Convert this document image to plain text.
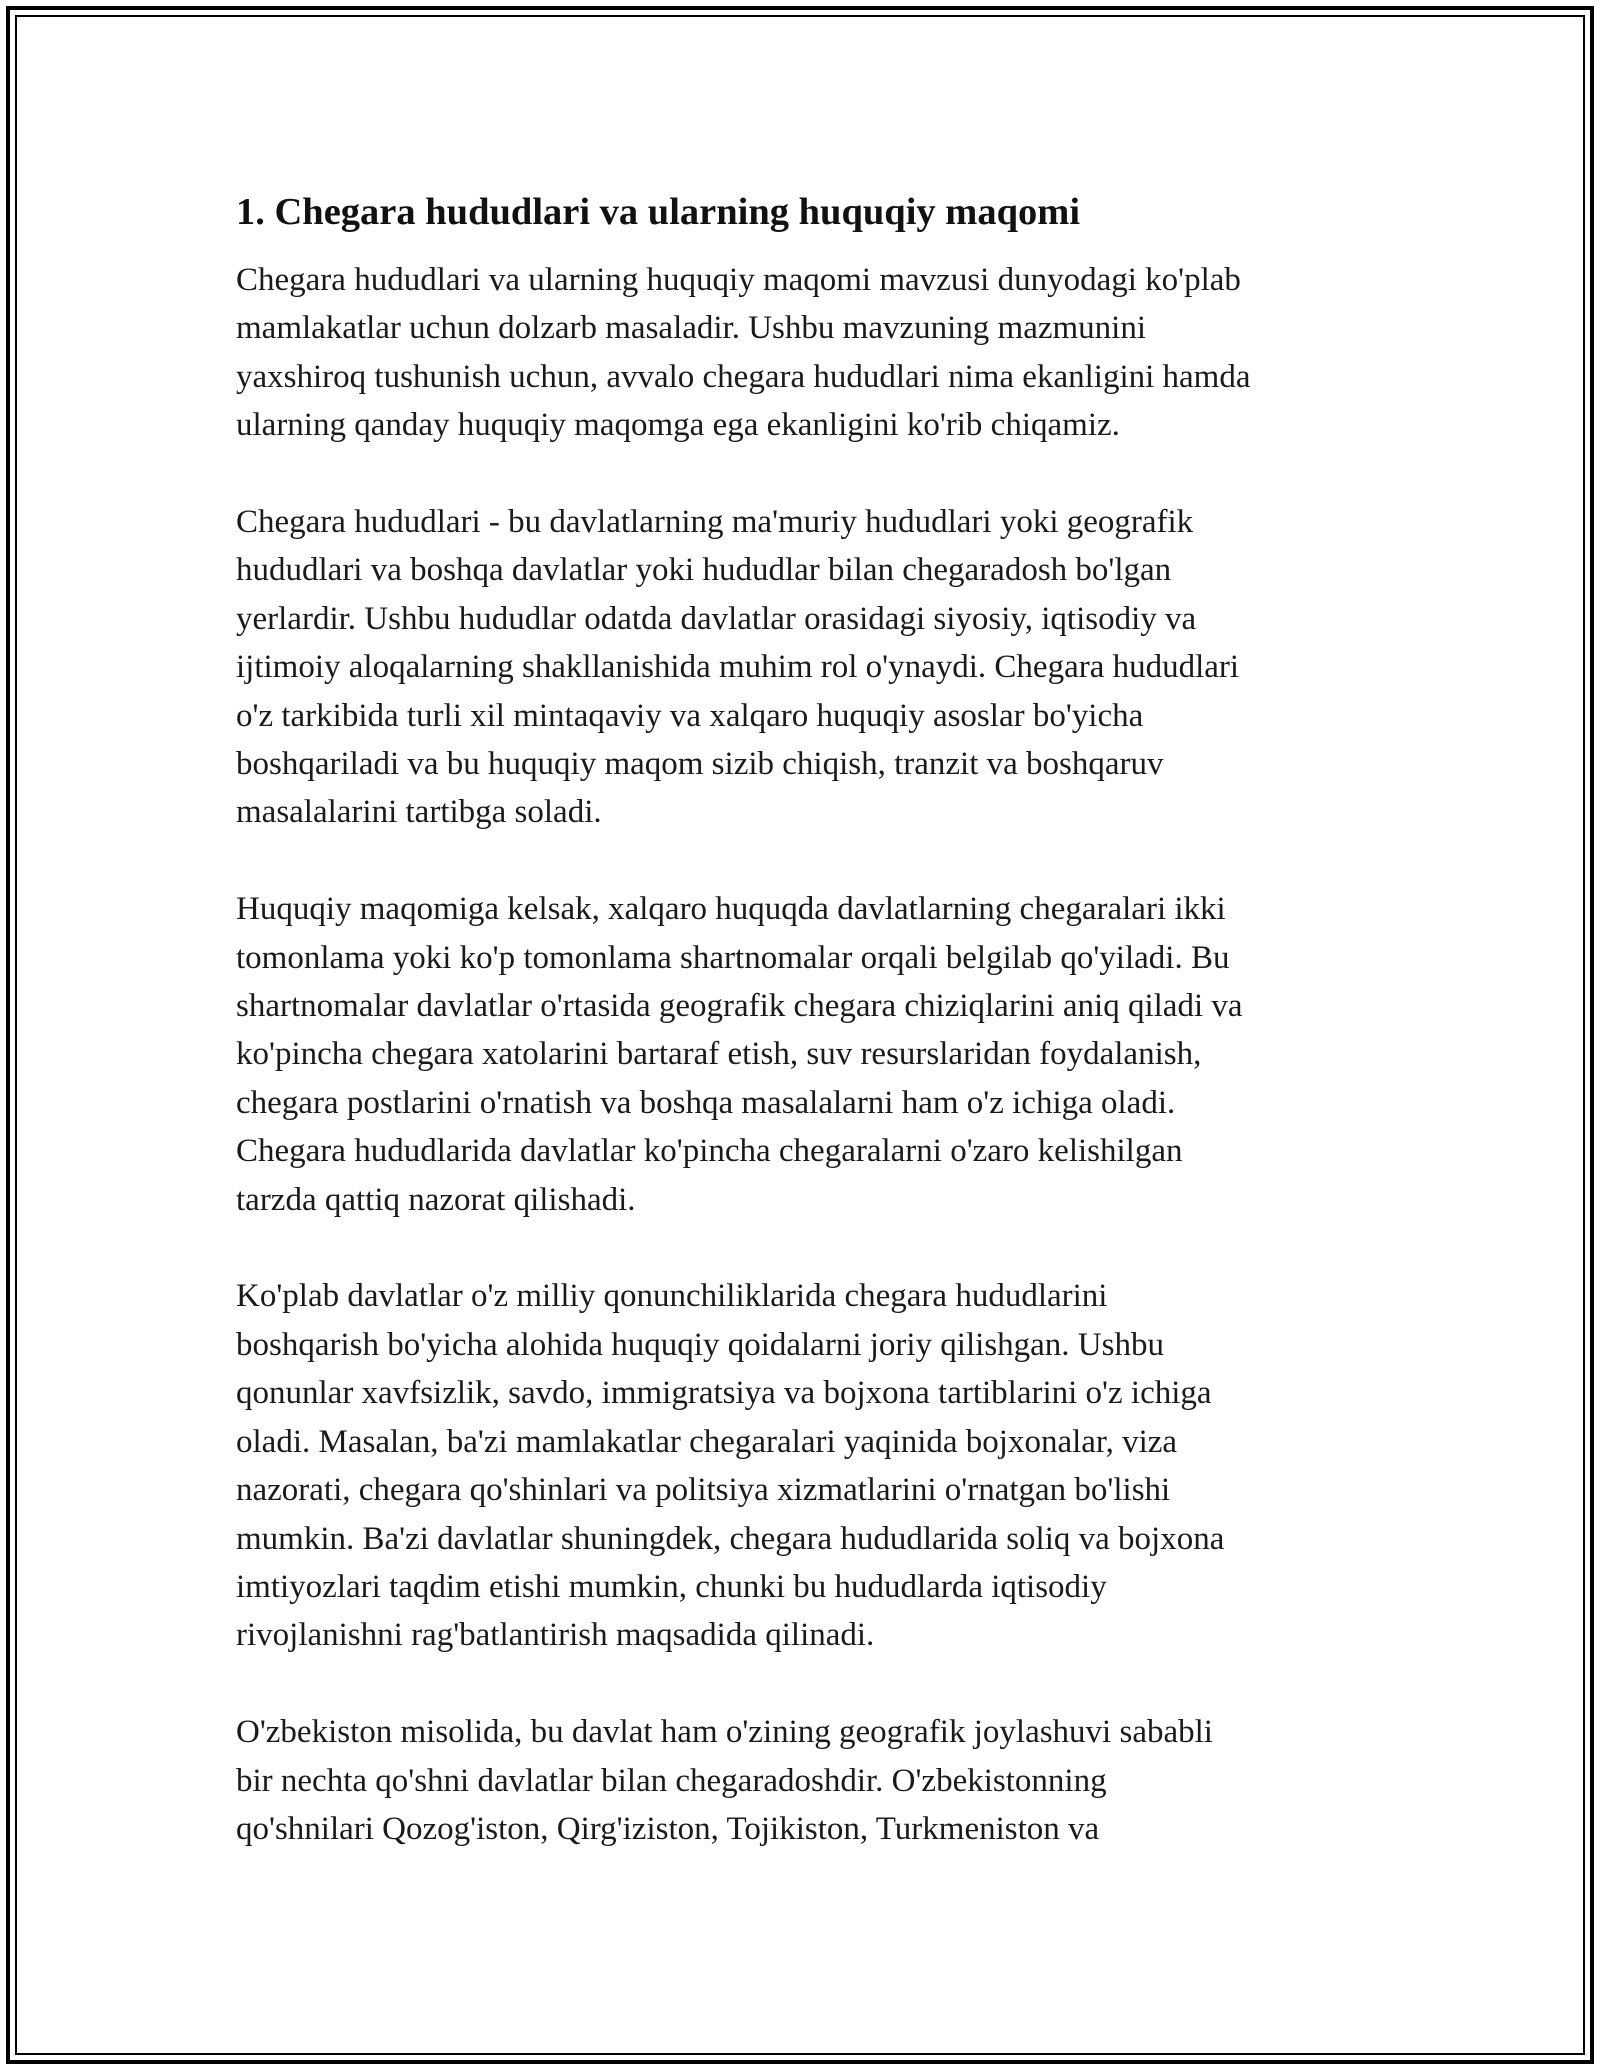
1. Chegara hududlari va ularning huquqiy maqomi

Chegara hududlari va ularning huquqiy maqomi mavzusi dunyodagi ko'plab
mamlakatlar uchun dolzarb masaladir. Ushbu mavzuning mazmunini
yaxshiroq tushunish uchun, avvalo chegara hududlari nima ekanligini hamda
ularning qanday huquqiy maqomga ega ekanligini ko'rib chiqamiz.

Chegara hududlari - bu davlatlarning ma'muriy hududlari yoki geografik
hududlari va boshqa davlatlar yoki hududlar bilan chegaradosh bo'lgan
yerlardir. Ushbu hududlar odatda davlatlar orasidagi siyosiy, iqtisodiy va
ijtimoiy aloqalarning shakllanishida muhim rol o'ynaydi. Chegara hududlari
o'z tarkibida turli xil mintaqaviy va xalqaro huquqiy asoslar bo'yicha
boshqariladi va bu huquqiy maqom sizib chiqish, tranzit va boshqaruv
masalalarini tartibga soladi.

Huquqiy maqomiga kelsak, xalqaro huquqda davlatlarning chegaralari ikki
tomonlama yoki ko'p tomonlama shartnomalar orqali belgilab qo'yiladi. Bu
shartnomalar davlatlar o'rtasida geografik chegara chiziqlarini aniq qiladi va
ko'pincha chegara xatolarini bartaraf etish, suv resurslaridan foydalanish,
chegara postlarini o'rnatish va boshqa masalalarni ham o'z ichiga oladi.
Chegara hududlarida davlatlar ko'pincha chegaralarni o'zaro kelishilgan
tarzda qattiq nazorat qilishadi.

Ko'plab davlatlar o'z milliy qonunchiliklarida chegara hududlarini
boshqarish bo'yicha alohida huquqiy qoidalarni joriy qilishgan. Ushbu
qonunlar xavfsizlik, savdo, immigratsiya va bojxona tartiblarini o'z ichiga
oladi. Masalan, ba'zi mamlakatlar chegaralari yaqinida bojxonalar, viza
nazorati, chegara qo'shinlari va politsiya xizmatlarini o'rnatgan bo'lishi
mumkin. Ba'zi davlatlar shuningdek, chegara hududlarida soliq va bojxona
imtiyozlari taqdim etishi mumkin, chunki bu hududlarda iqtisodiy
rivojlanishni rag'batlantirish maqsadida qilinadi.

O'zbekiston misolida, bu davlat ham o'zining geografik joylashuvi sababli
bir nechta qo'shni davlatlar bilan chegaradoshdir. O'zbekistonning
qo'shnilari Qozog'iston, Qirg'iziston, Tojikiston, Turkmeniston va
